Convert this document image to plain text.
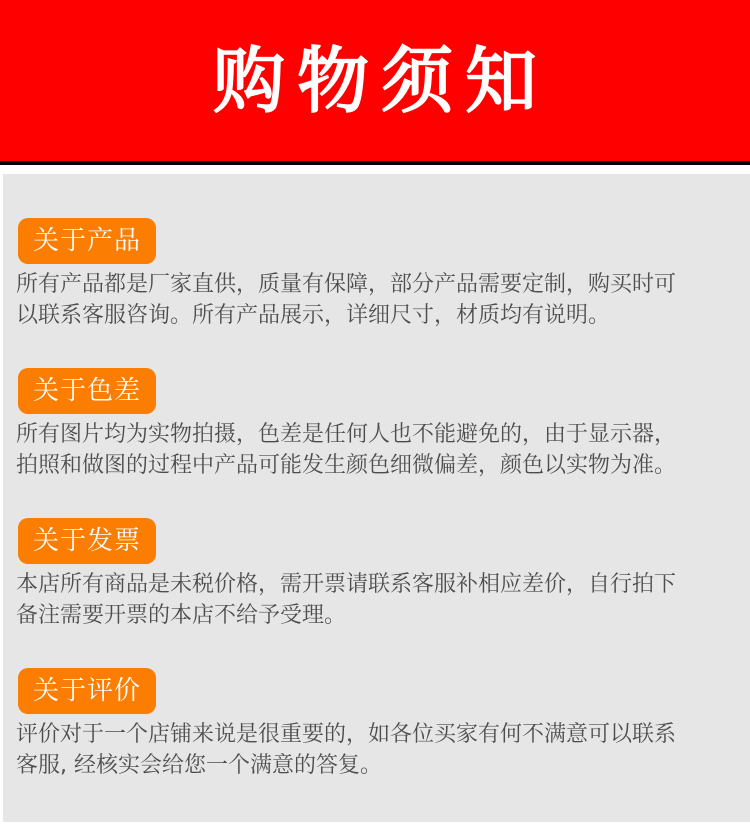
购物须知
关于产品

所有产品都是厂家直供，质量有保障，部分产品需要定制，购买时可以联系客服咨询。所有产品展示，详细尺寸，材质均有说明。

关于色差

所有图片均为实物拍摄，色差是任何人也不能避免的，由于显示器，拍照和做图的过程中产品可能发生颜色细微偏差，颜色以实物为准。

关于发票

本店所有商品是未税价格，需开票请联系客服补相应差价，自行拍下备注需要开票的本店不给予受理。

关于评价

评价对于一个店铺来说是很重要的，如各位买家有何不满意可以联系客服, 经核实会给您一个满意的答复。
